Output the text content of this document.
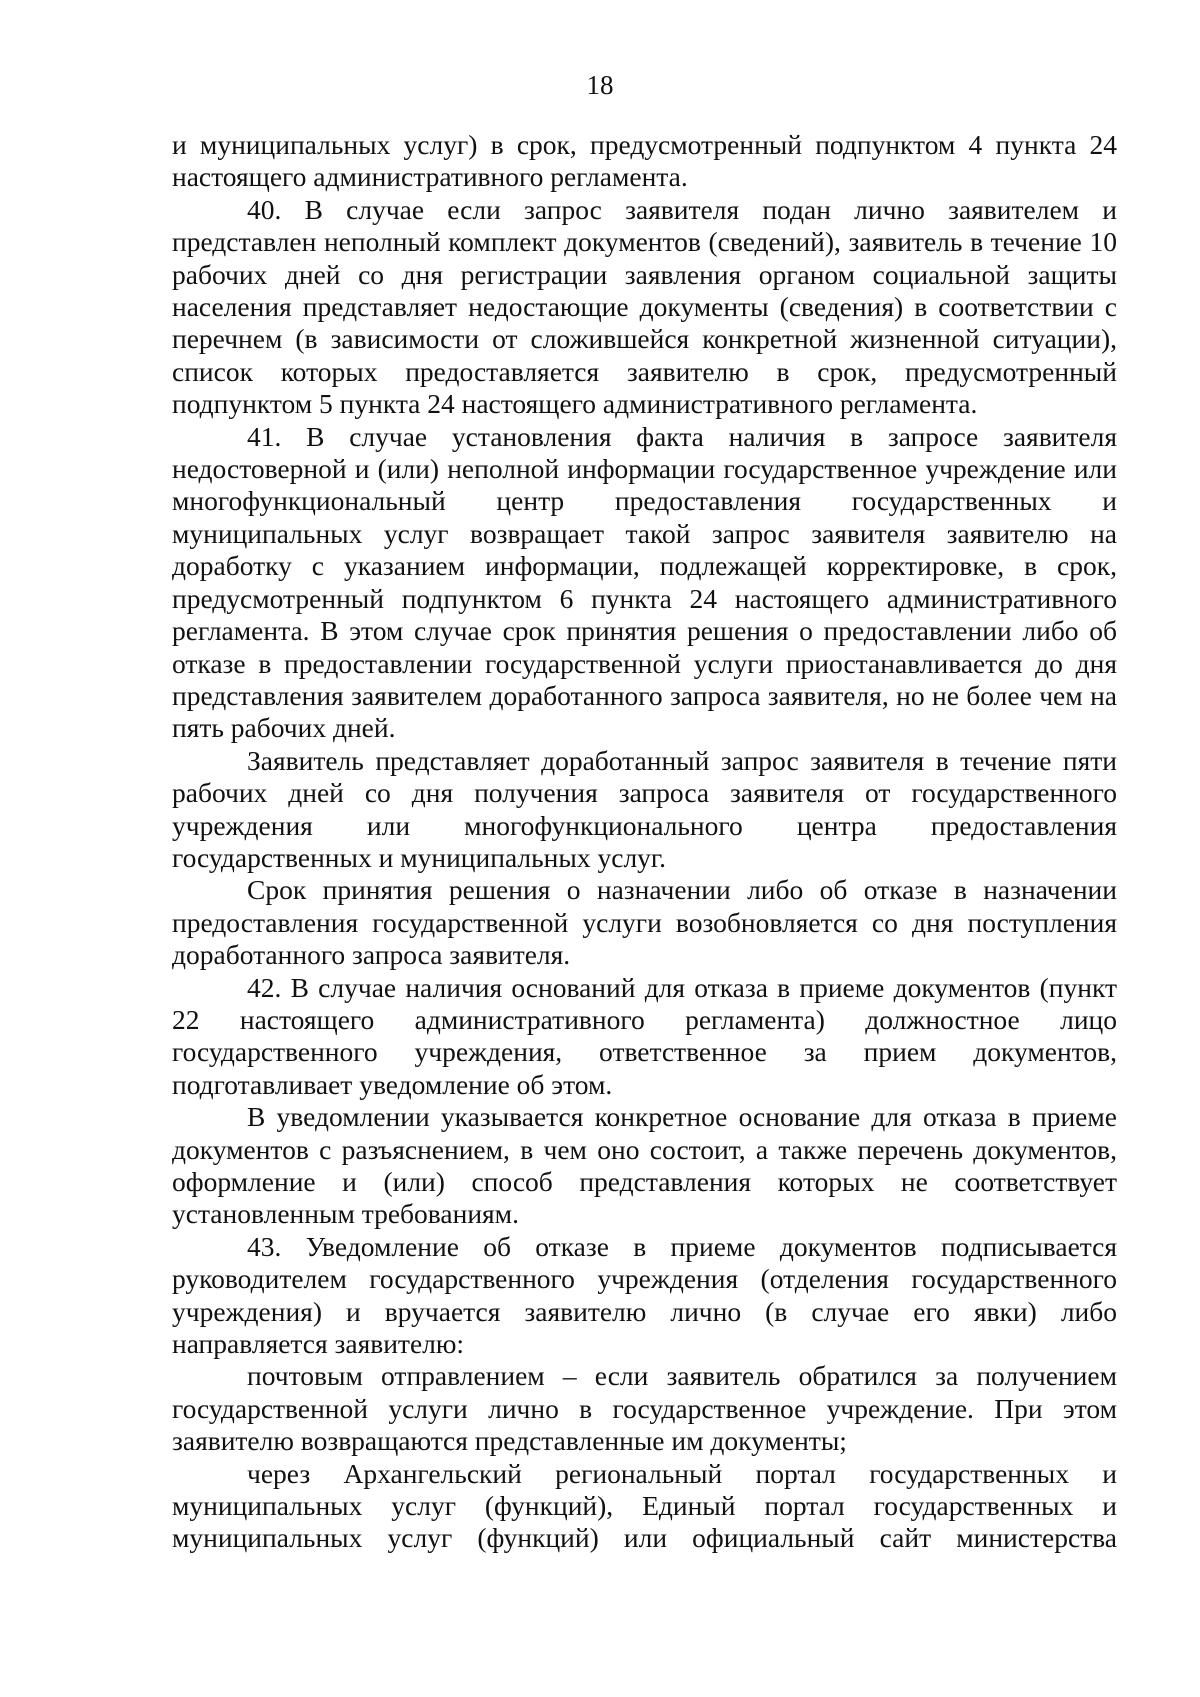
18

и муниципальных услуг) в срок, предусмотренный подпунктом 4 пункта 24 настоящего административного регламента.

40. В случае если запрос заявителя подан лично заявителем и представлен неполный комплект документов (сведений), заявитель в течение 10 рабочих дней со дня регистрации заявления органом социальной защиты населения представляет недостающие документы (сведения) в соответствии с перечнем (в зависимости от сложившейся конкретной жизненной ситуации), список которых предоставляется заявителю в срок, предусмотренный подпунктом 5 пункта 24 настоящего административного регламента.

41. В случае установления факта наличия в запросе заявителя недостоверной и (или) неполной информации государственное учреждение или многофункциональный центр предоставления государственных и муниципальных услуг возвращает такой запрос заявителя заявителю на доработку с указанием информации, подлежащей корректировке, в срок, предусмотренный подпунктом 6 пункта 24 настоящего административного регламента. В этом случае срок принятия решения о предоставлении либо об отказе в предоставлении государственной услуги приостанавливается до дня представления заявителем доработанного запроса заявителя, но не более чем на пять рабочих дней.

Заявитель представляет доработанный запрос заявителя в течение пяти рабочих дней со дня получения запроса заявителя от государственного учреждения или многофункционального центра предоставления государственных и муниципальных услуг.

Срок принятия решения о назначении либо об отказе в назначении предоставления государственной услуги возобновляется со дня поступления доработанного запроса заявителя.

42. В случае наличия оснований для отказа в приеме документов (пункт 22 настоящего административного регламента) должностное лицо государственного учреждения, ответственное за прием документов, подготавливает уведомление об этом.

В уведомлении указывается конкретное основание для отказа в приеме документов с разъяснением, в чем оно состоит, а также перечень документов, оформление и (или) способ представления которых не соответствует установленным требованиям.

43. Уведомление об отказе в приеме документов подписывается руководителем государственного учреждения (отделения государственного учреждения) и вручается заявителю лично (в случае его явки) либо направляется заявителю:

почтовым отправлением – если заявитель обратился за получением государственной услуги лично в государственное учреждение. При этом заявителю возвращаются представленные им документы;

через Архангельский региональный портал государственных и муниципальных услуг (функций), Единый портал государственных и муниципальных услуг (функций) или официальный сайт министерства
